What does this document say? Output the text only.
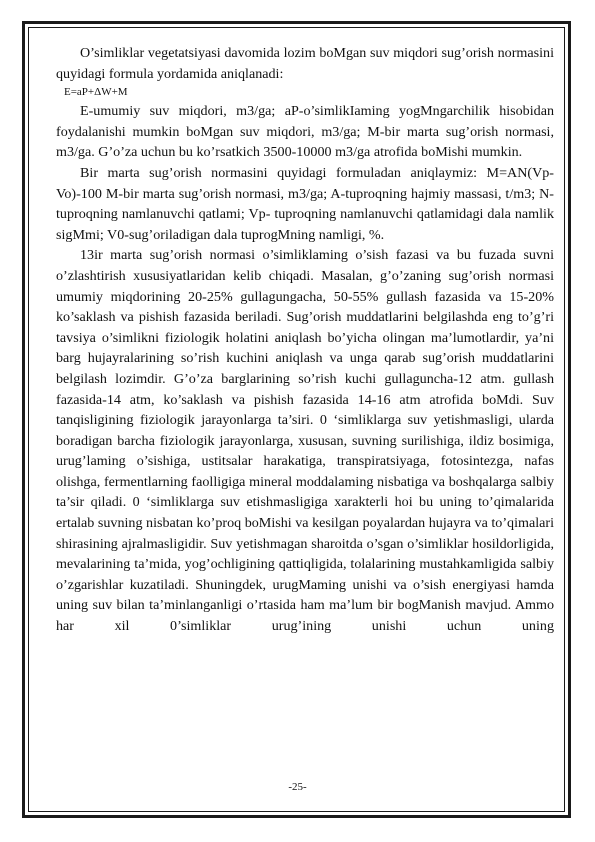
O’simliklar vegetatsiyasi davomida lozim boMgan suv miqdori sug’orish normasini quyidagi formula yordamida aniqlanadi:

E=aP+ΔW+M

E-umumiy suv miqdori, m3/ga; aP-o’simlikIaming yogMngarchilik hisobidan foydalanishi mumkin boMgan suv miqdori, m3/ga; M-bir marta sug’orish normasi, m3/ga. G’o’za uchun bu ko’rsatkich 3500-10000 m3/ga atrofida boMishi mumkin.

Bir marta sug’orish normasini quyidagi formuladan aniqlaymiz: M=AN(Vp-Vo)-100 M-bir marta sug’orish normasi, m3/ga; A-tuproqning hajmiy massasi, t/m3; N-tuproqning namlanuvchi qatlami; Vp- tuproqning namlanuvchi qatlamidagi dala namlik sigMmi; V0-sug’oriladigan dala tuprogMning namligi, %.

13ir marta sug’orish normasi o’simliklaming o’sish fazasi va bu fuzada suvni o’zlashtirish xususiyatlaridan kelib chiqadi. Masalan, g’o’zaning sug’orish normasi umumiy miqdorining 20-25% gullagungacha, 50-55% gullash fazasida va 15-20% ko’saklash va pishish fazasida beriladi. Sug’orish muddatlarini belgilashda eng to’g’ri tavsiya o’simlikni fiziologik holatini aniqlash bo’yicha olingan ma’lumotlardir, ya’ni barg hujayralarining so’rish kuchini aniqlash va unga qarab sug’orish muddatlarini belgilash lozimdir. G’o’za barglarining so’rish kuchi gullaguncha-12 atm. gullash fazasida-14 atm, ko’saklash va pishish fazasida 14-16 atm atrofida boMdi. Suv tanqisligining fiziologik jarayonlarga ta’siri. 0 ‘simliklarga suv yetishmasligi, ularda boradigan barcha fiziologik jarayonlarga, xususan, suvning surilishiga, ildiz bosimiga, urug’laming o’sishiga, ustitsalar harakatiga, transpiratsiyaga, fotosintezga, nafas olishga, fermentlarning faolligiga mineral moddalaming nisbatiga va boshqalarga salbiy ta’sir qiladi. 0 ‘simliklarga suv etishmasligiga xarakterli hoi bu uning to’qimalarida ertalab suvning nisbatan ko’proq boMishi va kesilgan poyalardan hujayra va to’qimalari shirasining ajralmasligidir. Suv yetishmagan sharoitda o’sgan o’simliklar hosildorligida, mevalarining ta’mida, yog’ochligining qattiqligida, tolalarining mustahkamligida salbiy o’zgarishlar kuzatiladi. Shuningdek, urugMaming unishi va o’sish energiyasi hamda uning suv bilan ta’minlanganligi o’rtasida ham ma’lum bir bogManish mavjud. Ammo har xil 0’simliklar urug’ining unishi uchun uning

-25-
